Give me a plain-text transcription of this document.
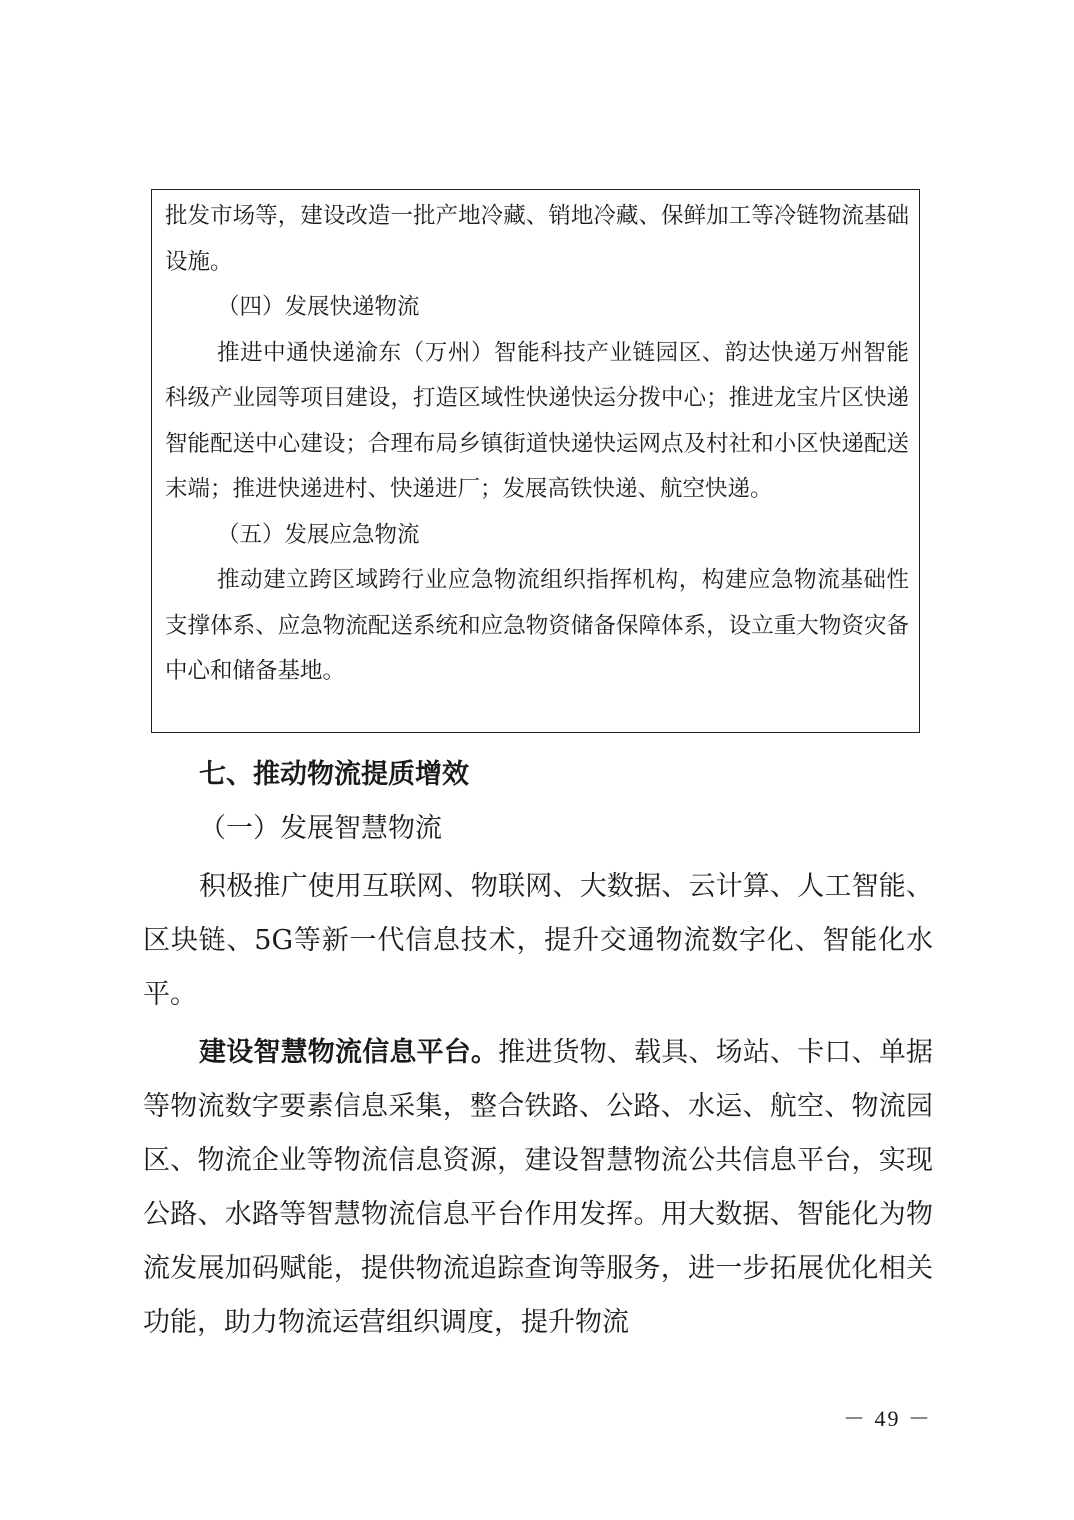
批发市场等，建设改造一批产地冷藏、销地冷藏、保鲜加工等冷链物流基础设施。

（四）发展快递物流

推进中通快递渝东（万州）智能科技产业链园区、韵达快递万州智能科级产业园等项目建设，打造区域性快递快运分拨中心；推进龙宝片区快递智能配送中心建设；合理布局乡镇街道快递快运网点及村社和小区快递配送末端；推进快递进村、快递进厂；发展高铁快递、航空快递。

（五）发展应急物流

推动建立跨区域跨行业应急物流组织指挥机构，构建应急物流基础性支撑体系、应急物流配送系统和应急物资储备保障体系，设立重大物资灾备中心和储备基地。

七、推动物流提质增效

（一）发展智慧物流

积极推广使用互联网、物联网、大数据、云计算、人工智能、区块链、5G等新一代信息技术，提升交通物流数字化、智能化水平。

建设智慧物流信息平台。推进货物、载具、场站、卡口、单据等物流数字要素信息采集，整合铁路、公路、水运、航空、物流园区、物流企业等物流信息资源，建设智慧物流公共信息平台，实现公路、水路等智慧物流信息平台作用发挥。用大数据、智能化为物流发展加码赋能，提供物流追踪查询等服务，进一步拓展优化相关功能，助力物流运营组织调度，提升物流

－ 49 －
